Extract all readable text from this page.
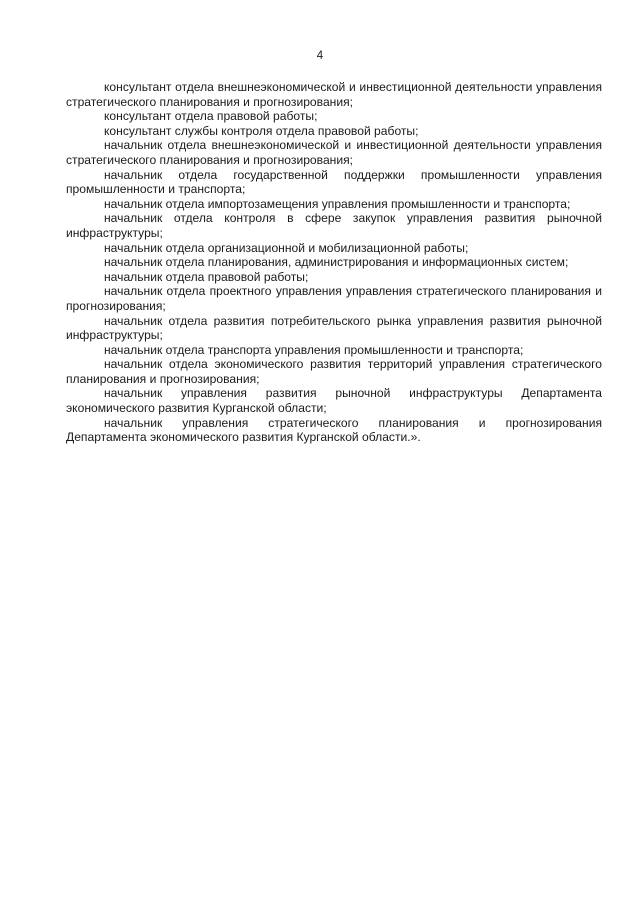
4

консультант отдела внешнеэкономической и инвестиционной деятельности управления стратегического планирования и прогнозирования;

консультант отдела правовой работы;

консультант службы контроля отдела правовой работы;

начальник отдела внешнеэкономической и инвестиционной деятельности управления стратегического планирования и прогнозирования;

начальник отдела государственной поддержки промышленности управления промышленности и транспорта;

начальник отдела импортозамещения управления промышленности и транспорта;

начальник отдела контроля в сфере закупок управления развития рыночной инфраструктуры;

начальник отдела организационной и мобилизационной работы;

начальник отдела планирования, администрирования и информационных систем;

начальник отдела правовой работы;

начальник отдела проектного управления управления стратегического планирования и прогнозирования;

начальник отдела развития потребительского рынка управления развития рыночной инфраструктуры;

начальник отдела транспорта управления промышленности и транспорта;

начальник отдела экономического развития территорий управления стратегического планирования и прогнозирования;

начальник управления развития рыночной инфраструктуры Департамента экономического развития Курганской области;

начальник управления стратегического планирования и прогнозирования Департамента экономического развития Курганской области.».
